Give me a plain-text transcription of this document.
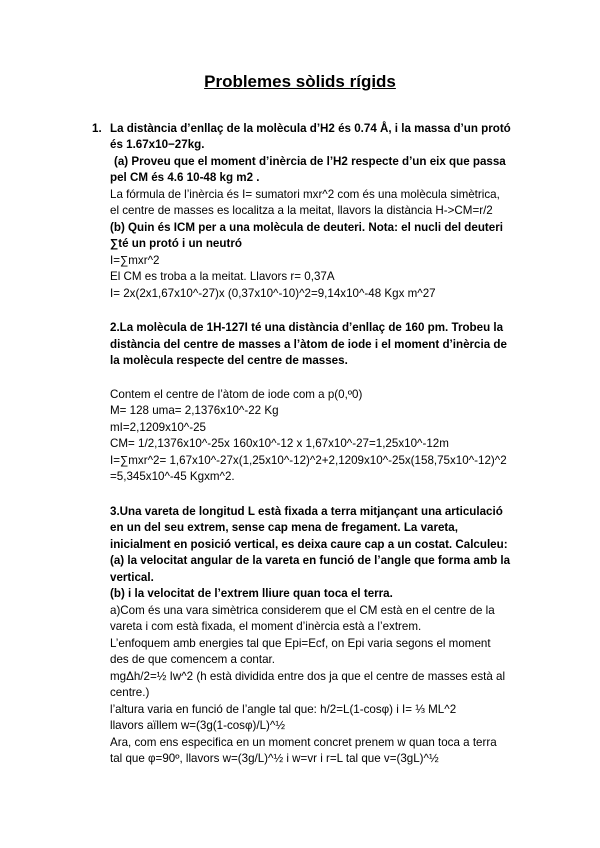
Problemes sòlids rígids
1. La distància d’enllaç de la molècula d’H2 és 0.74 Å, i la massa d’un protó
és 1.67x10−27kg.
(a) Proveu que el moment d’inèrcia de l’H2 respecte d’un eix que passa
pel CM és 4.6 10-48 kg m2 .
La fórmula de l’inèrcia és I= sumatori mxr^2 com és una molècula simètrica,
el centre de masses es localitza a la meitat, llavors la distància H->CM=r/2
(b) Quin és ICM per a una molècula de deuteri. Nota: el nucli del deuteri
∑té un protó i un neutró
I=∑mxr^2
El CM es troba a la meitat. Llavors r= 0,37A
I= 2x(2x1,67x10^-27)x (0,37x10^-10)^2=9,14x10^-48 Kgx m^27
2.La molècula de 1H-127I té una distància d’enllaç de 160 pm. Trobeu la
distància del centre de masses a l’àtom de iode i el moment d’inèrcia de
la molècula respecte del centre de masses.
Contem el centre de l’àtom de iode com a p(0,º0)
M= 128 uma= 2,1376x10^-22 Kg
mI=2,1209x10^-25
CM= 1/2,1376x10^-25x 160x10^-12 x 1,67x10^-27=1,25x10^-12m
I=∑mxr^2= 1,67x10^-27x(1,25x10^-12)^2+2,1209x10^-25x(158,75x10^-12)^2
=5,345x10^-45 Kgxm^2.
3.Una vareta de longitud L està fixada a terra mitjançant una articulació
en un del seu extrem, sense cap mena de fregament. La vareta,
inicialment en posició vertical, es deixa caure cap a un costat. Calculeu:
(a) la velocitat angular de la vareta en funció de l’angle que forma amb la
vertical.
(b) i la velocitat de l’extrem lliure quan toca el terra.
a)Com és una vara simètrica considerem que el CM està en el centre de la
vareta i com està fixada, el moment d’inèrcia està a l’extrem.
L’enfoquem amb energies tal que Epi=Ecf, on Epi varia segons el moment
des de que comencem a contar.
mgΔh/2=½ Iw^2 (h està dividida entre dos ja que el centre de masses està al
centre.)
l’altura varia en funció de l’angle tal que: h/2=L(1-cosφ) i I= ⅓ ML^2
llavors aïllem w=(3g(1-cosφ)/L)^½
Ara, com ens especifica en un moment concret prenem w quan toca a terra
tal que φ=90º, llavors w=(3g/L)^½ i w=vr i r=L tal que v=(3gL)^½
